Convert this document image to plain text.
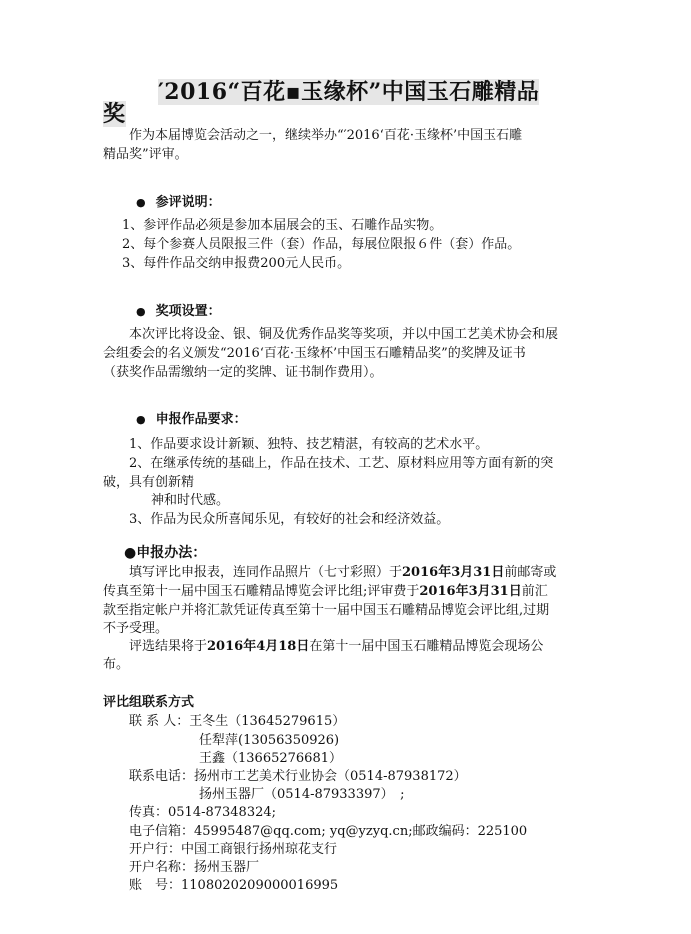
′2016“百花▪玉缘杯”中国玉石雕精品
奖
作为本届博览会活动之一，继续举办“′2016‘百花·玉缘杯’中国玉石雕
精品奖”评审。
● 参评说明：
1、参评作品必须是参加本届展会的玉、石雕作品实物。
2、每个参赛人员限报三件（套）作品，每展位限报６件（套）作品。
3、每件作品交纳申报费200元人民币。
● 奖项设置：
本次评比将设金、银、铜及优秀作品奖等奖项，并以中国工艺美术协会和展
会组委会的名义颁发“2016‘百花·玉缘杯’中国玉石雕精品奖”的奖牌及证书
（获奖作品需缴纳一定的奖牌、证书制作费用）。
● 申报作品要求：
1、作品要求设计新颖、独特、技艺精湛，有较高的艺术水平。
2、在继承传统的基础上，作品在技术、工艺、原材料应用等方面有新的突
破，具有创新精
神和时代感。
3、作品为民众所喜闻乐见，有较好的社会和经济效益。
●申报办法：
填写评比申报表，连同作品照片（七寸彩照）于2016年3月31日前邮寄或
传真至第十一届中国玉石雕精品博览会评比组;评审费于2016年3月31日前汇
款至指定帐户并将汇款凭证传真至第十一届中国玉石雕精品博览会评比组,过期
不予受理。
评选结果将于2016年4月18日在第十一届中国玉石雕精品博览会现场公
布。
评比组联系方式
联 系 人：王冬生（13645279615）
任犁萍(13056350926)
王鑫（13665276681）
联系电话：扬州市工艺美术行业协会（0514-87938172）
扬州玉器厂（0514-87933397）　;
传真：0514-87348324;
电子信箱：45995487@qq.com; yq@yzyq.cn;邮政编码：225100
开户行：中国工商银行扬州琼花支行
开户名称：扬州玉器厂
账　号：1108020209000016995
